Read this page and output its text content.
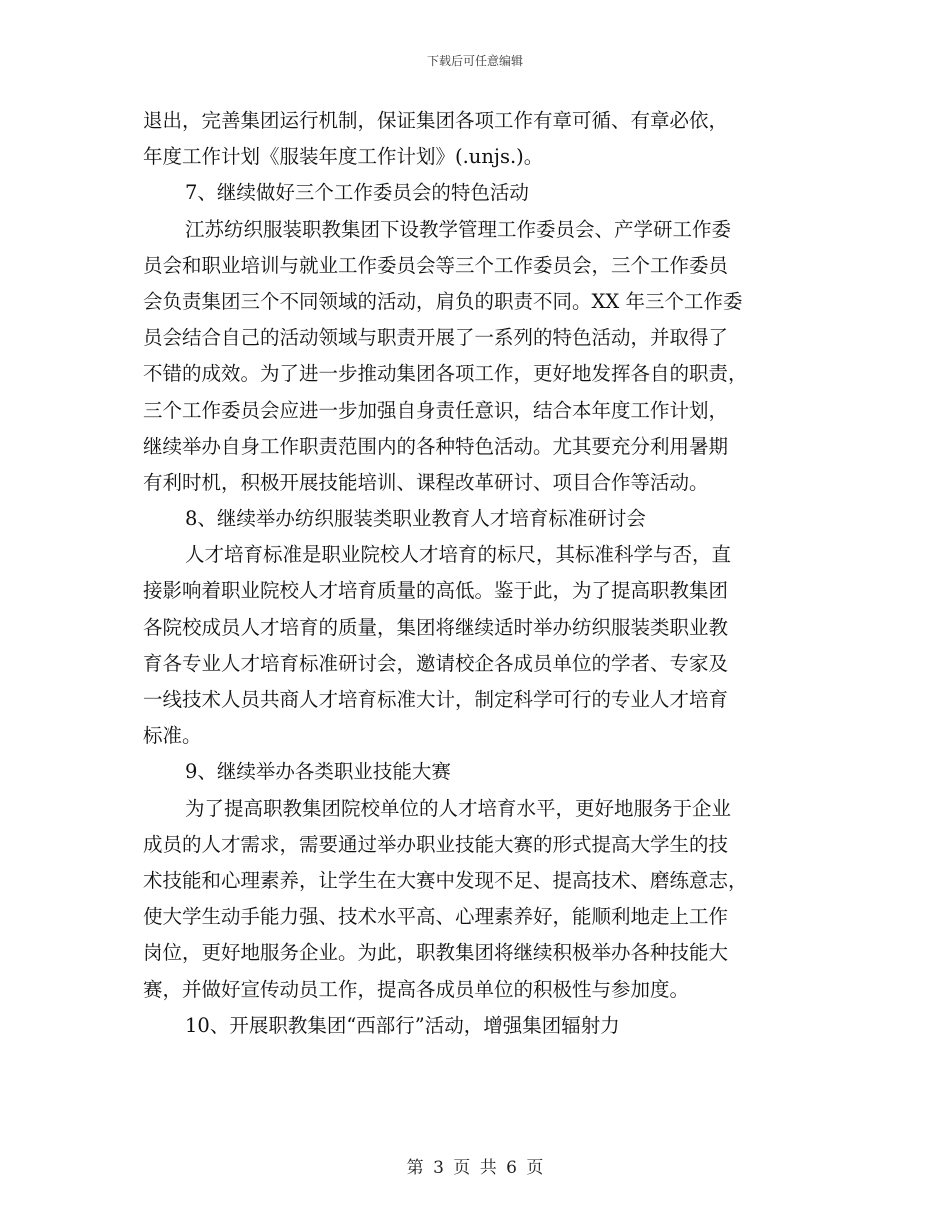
下载后可任意编辑
退出，完善集团运行机制，保证集团各项工作有章可循、有章必依，
年度工作计划《服装年度工作计划》(.unjs.)。
7、继续做好三个工作委员会的特色活动
江苏纺织服装职教集团下设教学管理工作委员会、产学研工作委
员会和职业培训与就业工作委员会等三个工作委员会，三个工作委员
会负责集团三个不同领域的活动，肩负的职责不同。XX 年三个工作委
员会结合自己的活动领域与职责开展了一系列的特色活动，并取得了
不错的成效。为了进一步推动集团各项工作，更好地发挥各自的职责，
三个工作委员会应进一步加强自身责任意识，结合本年度工作计划，
继续举办自身工作职责范围内的各种特色活动。尤其要充分利用暑期
有利时机，积极开展技能培训、课程改革研讨、项目合作等活动。
8、继续举办纺织服装类职业教育人才培育标准研讨会
人才培育标准是职业院校人才培育的标尺，其标准科学与否，直
接影响着职业院校人才培育质量的高低。鉴于此，为了提高职教集团
各院校成员人才培育的质量，集团将继续适时举办纺织服装类职业教
育各专业人才培育标准研讨会，邀请校企各成员单位的学者、专家及
一线技术人员共商人才培育标准大计，制定科学可行的专业人才培育
标准。
9、继续举办各类职业技能大赛
为了提高职教集团院校单位的人才培育水平，更好地服务于企业
成员的人才需求，需要通过举办职业技能大赛的形式提高大学生的技
术技能和心理素养，让学生在大赛中发现不足、提高技术、磨练意志，
使大学生动手能力强、技术水平高、心理素养好，能顺利地走上工作
岗位，更好地服务企业。为此，职教集团将继续积极举办各种技能大
赛，并做好宣传动员工作，提高各成员单位的积极性与参加度。
10、开展职教集团“西部行”活动，增强集团辐射力
第 3 页 共 6 页
